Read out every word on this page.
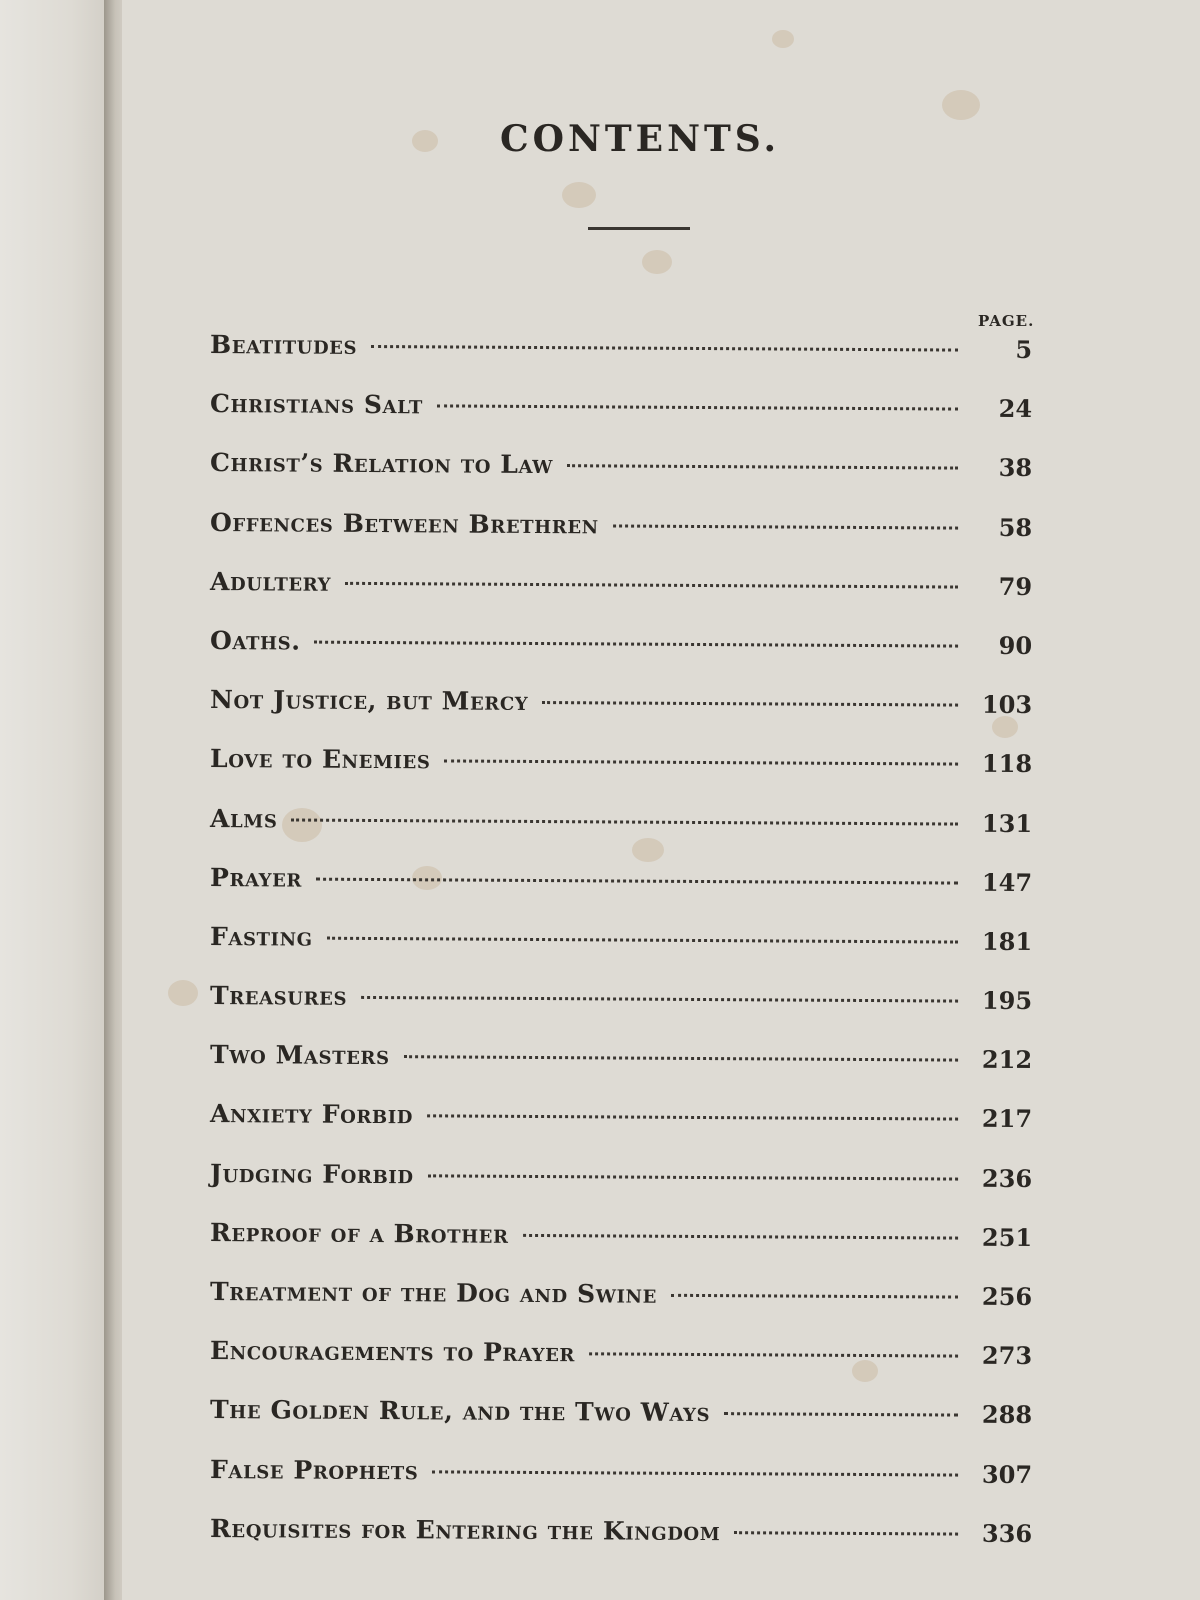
CONTENTS.
PAGE.
Beatitudes	5
Christians Salt	24
Christ’s Relation to Law	38
Offences Between Brethren	58
Adultery	79
Oaths.	90
Not Justice, but Mercy	103
Love to Enemies	118
Alms	131
Prayer	147
Fasting	181
Treasures	195
Two Masters	212
Anxiety Forbid	217
Judging Forbid	236
Reproof of a Brother	251
Treatment of the Dog and Swine	256
Encouragements to Prayer	273
The Golden Rule, and the Two Ways	288
False Prophets	307
Requisites for Entering the Kingdom	336
